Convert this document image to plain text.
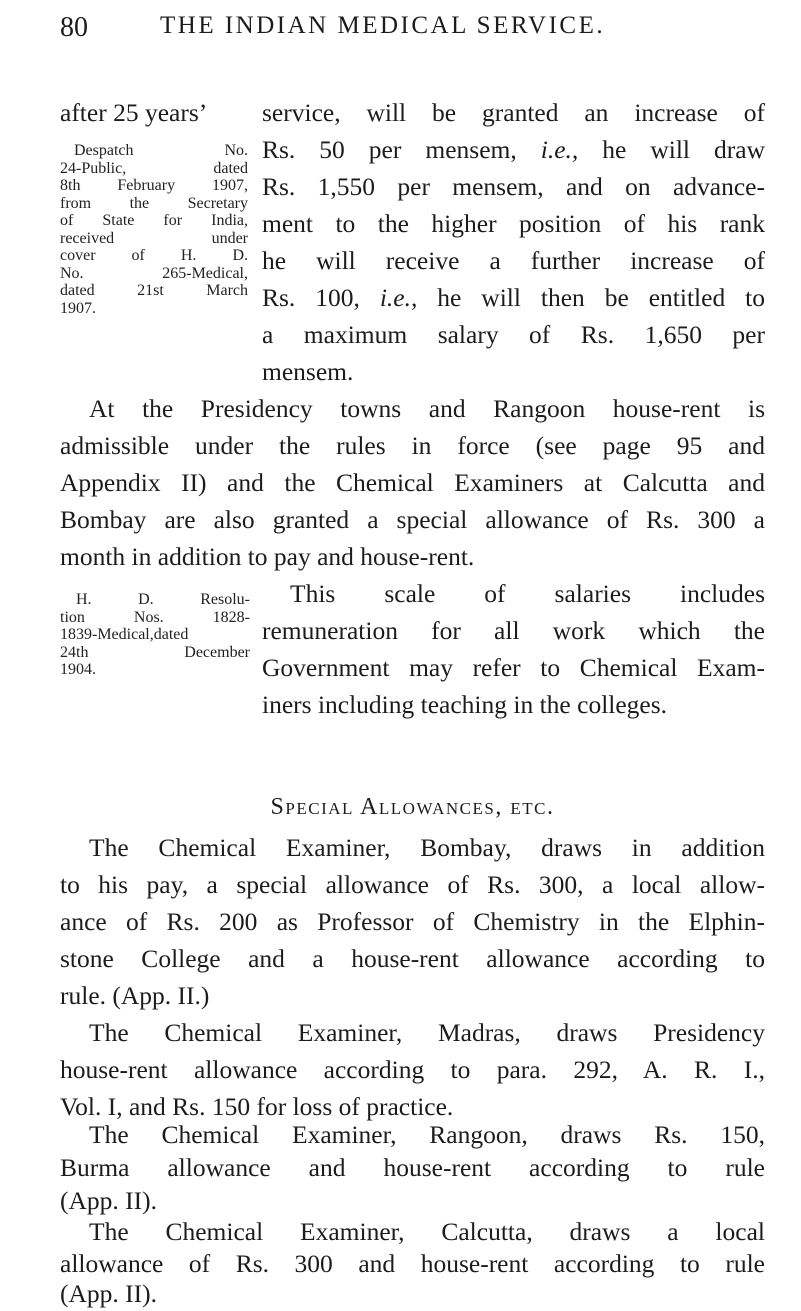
80	THE INDIAN MEDICAL SERVICE.
after 25 years’ service, will be granted an increase of
Despatch No.
24-Public, dated
8th February 1907,
from the Secretary
of State for India,
received under
cover of H. D.
No. 265-Medical,
dated 21st March
1907.
Rs. 50 per mensem, i.e., he will draw
Rs. 1,550 per mensem, and on advance-
ment to the higher position of his rank
he will receive a further increase of
Rs. 100, i.e., he will then be entitled to
a maximum salary of Rs. 1,650 per
mensem.
At the Presidency towns and Rangoon house-rent is
admissible under the rules in force (see page 95 and
Appendix II) and the Chemical Examiners at Calcutta and
Bombay are also granted a special allowance of Rs. 300 a
month in addition to pay and house-rent.
H. D. Resolu-
tion Nos. 1828-
1839-Medical,dated
24th December
1904.
This scale of salaries includes
remuneration for all work which the
Government may refer to Chemical Exam-
iners including teaching in the colleges.
Special Allowances, etc.
The Chemical Examiner, Bombay, draws in addition
to his pay, a special allowance of Rs. 300, a local allow-
ance of Rs. 200 as Professor of Chemistry in the Elphin-
stone College and a house-rent allowance according to
rule. (App. II.)
The Chemical Examiner, Madras, draws Presidency
house-rent allowance according to para. 292, A. R. I.,
Vol. I, and Rs. 150 for loss of practice.
The Chemical Examiner, Rangoon, draws Rs. 150,
Burma allowance and house-rent according to rule
(App. II).
The Chemical Examiner, Calcutta, draws a local
allowance of Rs. 300 and house-rent according to rule
(App. II).
